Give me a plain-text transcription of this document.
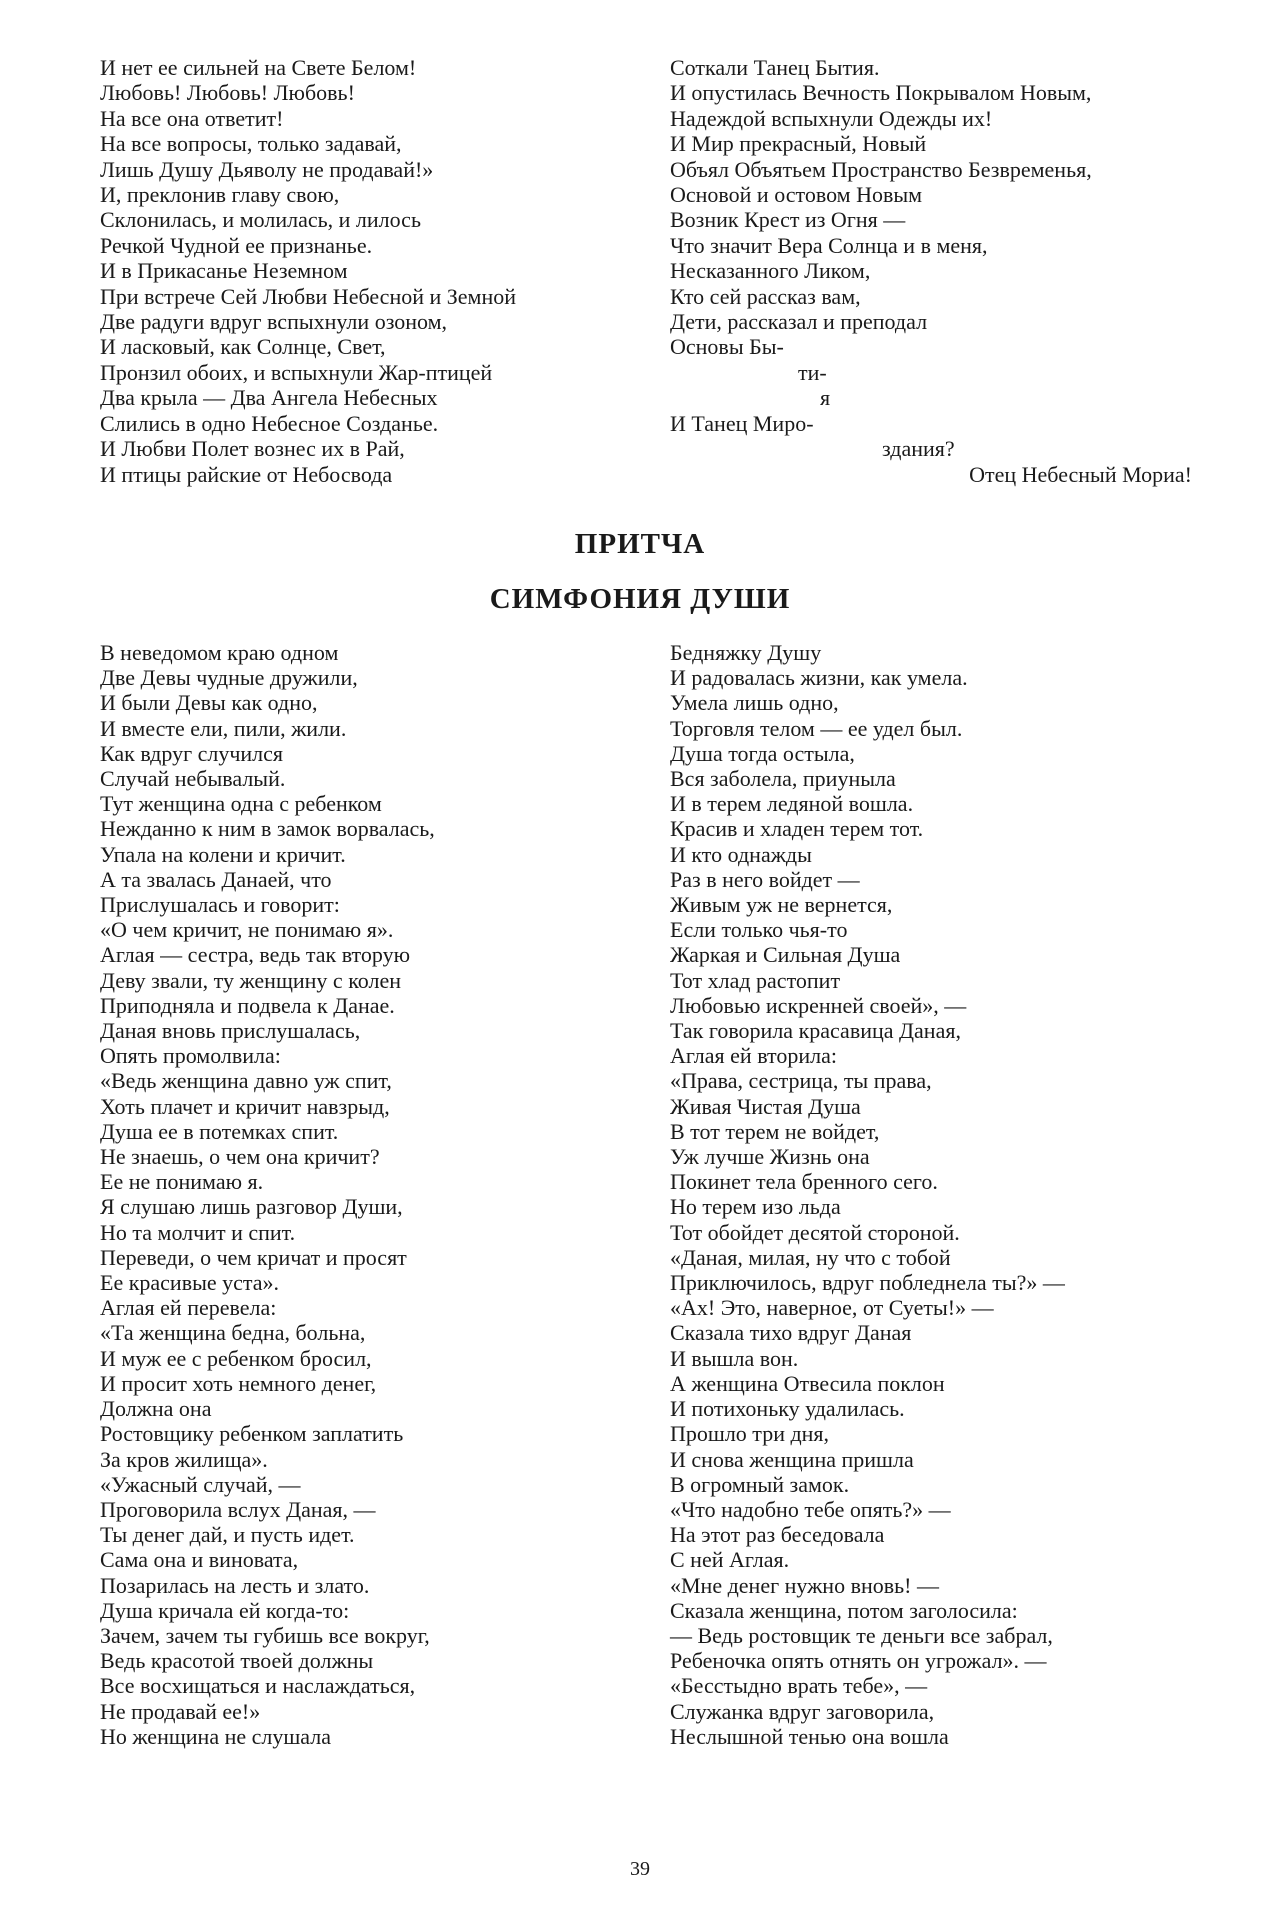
И нет ее сильней на Свете Белом!
Любовь! Любовь! Любовь!
На все она ответит!
На все вопросы, только задавай,
Лишь Душу Дьяволу не продавай!»
И, преклонив главу свою,
Склонилась, и молилась, и лилось
Речкой Чудной ее признанье.
И в Прикасанье Неземном
При встрече Сей Любви Небесной и Земной
Две радуги вдруг вспыхнули озоном,
И ласковый, как Солнце, Свет,
Пронзил обоих, и вспыхнули Жар-птицей
Два крыла — Два Ангела Небесных
Слились в одно Небесное Созданье.
И Любви Полет вознес их в Рай,
И птицы райские от Небосвода
Соткали Танец Бытия.
И опустилась Вечность Покрывалом Новым,
Надеждой вспыхнули Одежды их!
И Мир прекрасный, Новый
Объял Объятьем Пространство Безвременья,
Основой и остовом Новым
Возник Крест из Огня —
Что значит Вера Солнца и в меня,
Несказанного Ликом,
Кто сей рассказ вам,
Дети, рассказал и преподал
Основы Бы-
ти-
я
И Танец Миро-
здания?
Отец Небесный Мориа!
ПРИТЧА
СИМФОНИЯ ДУШИ
В неведомом краю одном
Две Девы чудные дружили,
И были Девы как одно,
И вместе ели, пили, жили.
Как вдруг случился
Случай небывалый.
Тут женщина одна с ребенком
Нежданно к ним в замок ворвалась,
Упала на колени и кричит.
А та звалась Данаей, что
Прислушалась и говорит:
«О чем кричит, не понимаю я».
Аглая — сестра, ведь так вторую
Деву звали, ту женщину с колен
Приподняла и подвела к Данае.
Даная вновь прислушалась,
Опять промолвила:
«Ведь женщина давно уж спит,
Хоть плачет и кричит навзрыд,
Душа ее в потемках спит.
Не знаешь, о чем она кричит?
Ее не понимаю я.
Я слушаю лишь разговор Души,
Но та молчит и спит.
Переведи, о чем кричат и просят
Ее красивые уста».
Аглая ей перевела:
«Та женщина бедна, больна,
И муж ее с ребенком бросил,
И просит хоть немного денег,
Должна она
Ростовщику ребенком заплатить
За кров жилища».
«Ужасный случай, —
Проговорила вслух Даная, —
Ты денег дай, и пусть идет.
Сама она и виновата,
Позарилась на лесть и злато.
Душа кричала ей когда-то:
Зачем, зачем ты губишь все вокруг,
Ведь красотой твоей должны
Все восхищаться и наслаждаться,
Не продавай ее!»
Но женщина не слушала
Бедняжку Душу
И радовалась жизни, как умела.
Умела лишь одно,
Торговля телом — ее удел был.
Душа тогда остыла,
Вся заболела, приуныла
И в терем ледяной вошла.
Красив и хладен терем тот.
И кто однажды
Раз в него войдет —
Живым уж не вернется,
Если только чья-то
Жаркая и Сильная Душа
Тот хлад растопит
Любовью искренней своей», —
Так говорила красавица Даная,
Аглая ей вторила:
«Права, сестрица, ты права,
Живая Чистая Душа
В тот терем не войдет,
Уж лучше Жизнь она
Покинет тела бренного сего.
Но терем изо льда
Тот обойдет десятой стороной.
«Даная, милая, ну что с тобой
Приключилось, вдруг побледнела ты?» —
«Ах! Это, наверное, от Суеты!» —
Сказала тихо вдруг Даная
И вышла вон.
А женщина Отвесила поклон
И потихоньку удалилась.
Прошло три дня,
И снова женщина пришла
В огромный замок.
«Что надобно тебе опять?» —
На этот раз беседовала
С ней Аглая.
«Мне денег нужно вновь! —
Сказала женщина, потом заголосила:
— Ведь ростовщик те деньги все забрал,
Ребеночка опять отнять он угрожал». —
«Бесстыдно врать тебе», —
Служанка вдруг заговорила,
Неслышной тенью она вошла
39
